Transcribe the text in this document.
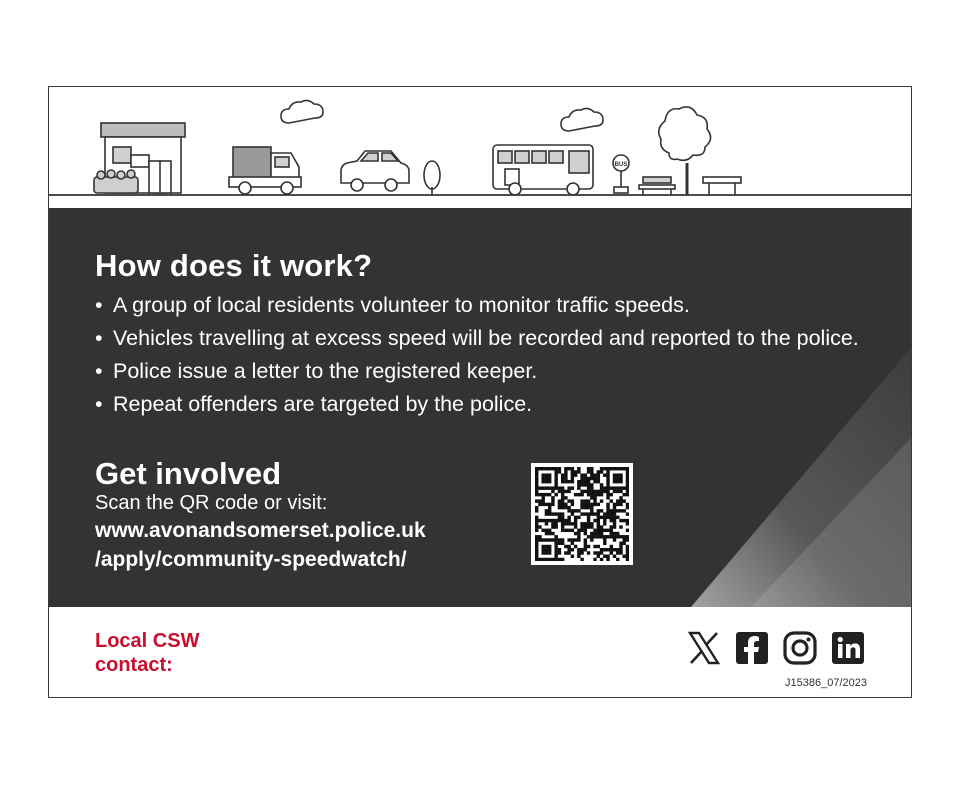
BUS
How does it work?
• A group of local residents volunteer to monitor traffic speeds.
• Vehicles travelling at excess speed will be recorded and reported to the police.
• Police issue a letter to the registered keeper.
• Repeat offenders are targeted by the police.
Get involved
Scan the QR code or visit:
www.avonandsomerset.police.uk
/apply/community-speedwatch/
Local CSW
contact:
J15386_07/2023
